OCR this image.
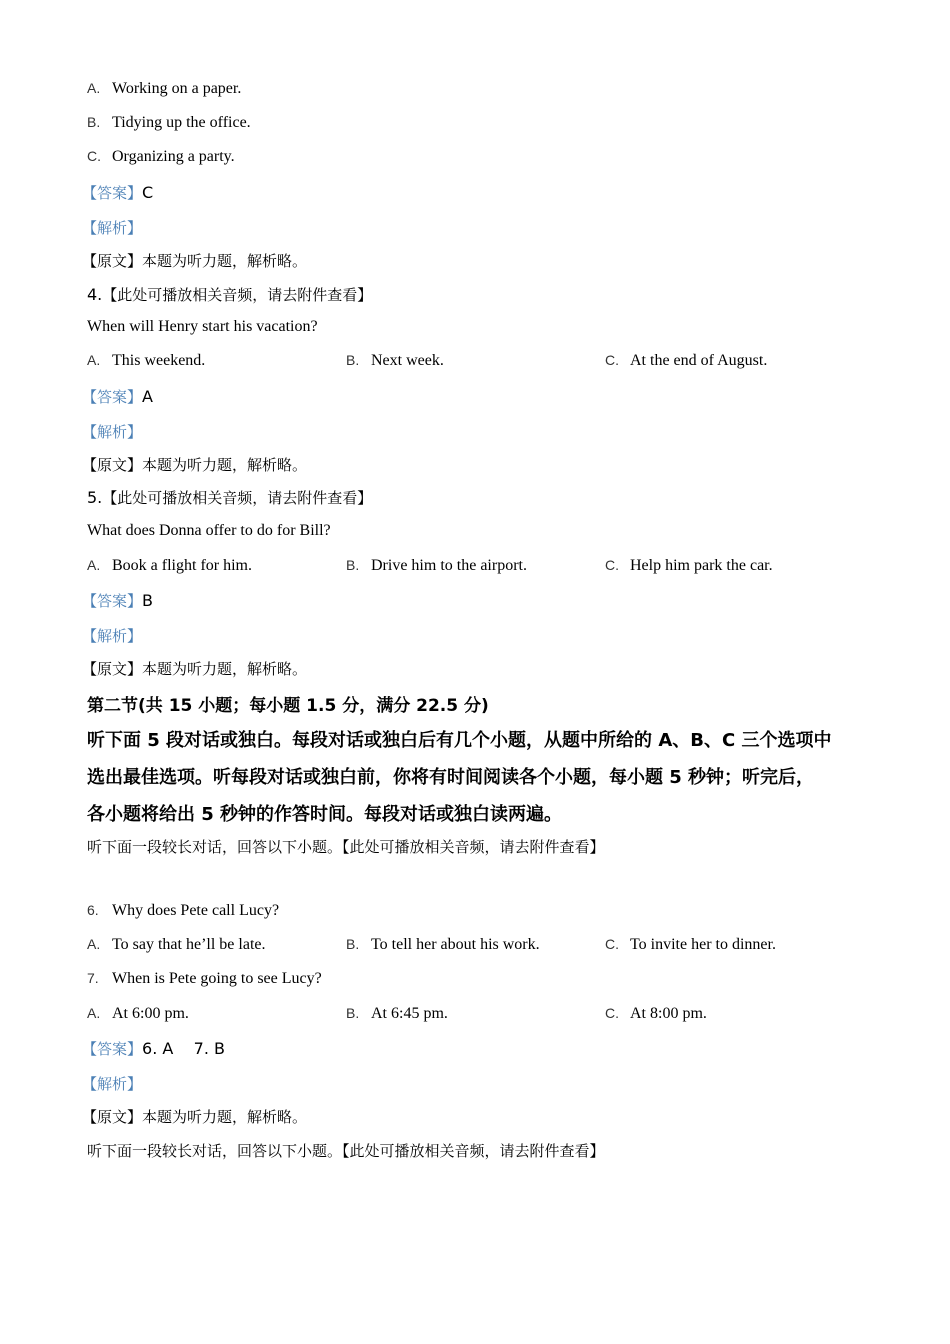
A. Working on a paper.
B. Tidying up the office.
C. Organizing a party.
【答案】C
【解析】
【原文】本题为听力题，解析略。
4.【此处可播放相关音频，请去附件查看】
When will Henry start his vacation?
A. This weekend.	B. Next week.	C. At the end of August.
【答案】A
【解析】
【原文】本题为听力题，解析略。
5.【此处可播放相关音频，请去附件查看】
What does Donna offer to do for Bill?
A. Book a flight for him.	B. Drive him to the airport.	C. Help him park the car.
【答案】B
【解析】
【原文】本题为听力题，解析略。
第二节(共 15 小题；每小题 1.5 分，满分 22.5 分)
听下面 5 段对话或独白。每段对话或独白后有几个小题，从题中所给的 A、B、C 三个选项中
选出最佳选项。听每段对话或独白前，你将有时间阅读各个小题，每小题 5 秒钟；听完后，
各小题将给出 5 秒钟的作答时间。每段对话或独白读两遍。
听下面一段较长对话，回答以下小题。【此处可播放相关音频，请去附件查看】
6. Why does Pete call Lucy?
A. To say that he’ll be late.	B. To tell her about his work.	C. To invite her to dinner.
7. When is Pete going to see Lucy?
A. At 6:00 pm.	B. At 6:45 pm.	C. At 8:00 pm.
【答案】6. A    7. B
【解析】
【原文】本题为听力题，解析略。
听下面一段较长对话，回答以下小题。【此处可播放相关音频，请去附件查看】
